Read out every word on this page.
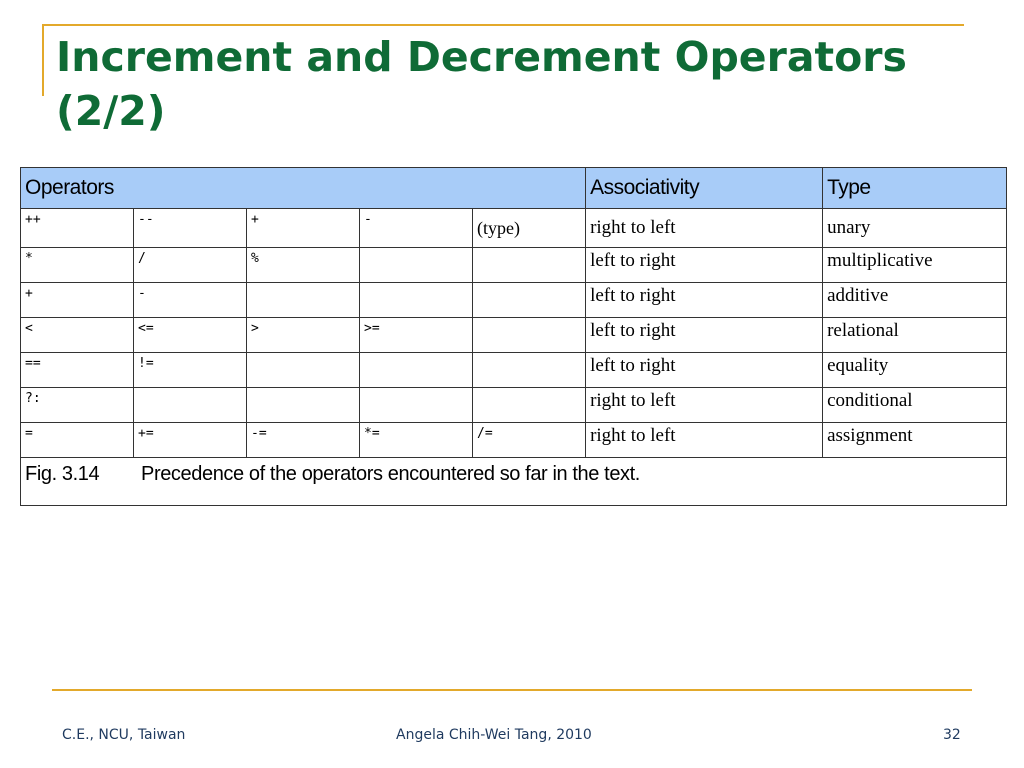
Increment and Decrement Operators (2/2)
Operators					Associativity	Type
++	--	+	-	(type)	right to left	unary
*	/	%			left to right	multiplicative
+	-				left to right	additive
<	<=	>	>=		left to right	relational
==	!=				left to right	equality
?:					right to left	conditional
=	+=	-=	*=	/=	right to left	assignment
Fig. 3.14 Precedence of the operators encountered so far in the text.						
C.E., NCU, Taiwan	Angela Chih-Wei Tang, 2010	32
